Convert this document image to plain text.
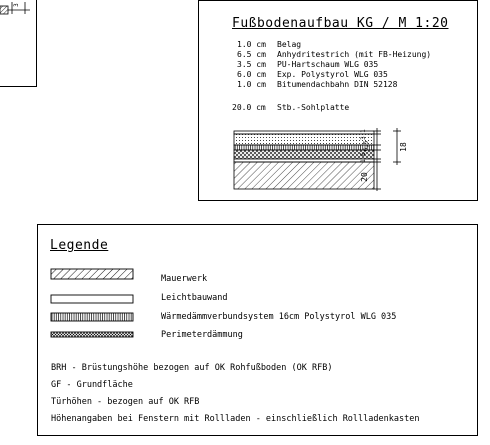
3
Fußbodenaufbau KG / M 1:20
1.0 cm Belag
6.5 cm Anhydritestrich (mit FB-Heizung)
3.5 cm PU-Hartschaum WLG 035
6.0 cm Exp. Polystyrol WLG 035
1.0 cm Bitumendachbahn DIN 52128
20.0 cm Stb.-Sohlplatte
1
3
6,5
6
1
20
18
Legende
Mauerwerk
Leichtbauwand
Wärmedämmverbundsystem 16cm Polystyrol WLG 035
Perimeterdämmung
BRH - Brüstungshöhe bezogen auf OK Rohfußboden (OK RFB)
GF - Grundfläche
Türhöhen - bezogen auf OK RFB
Höhenangaben bei Fenstern mit Rollladen - einschließlich Rollladenkasten
